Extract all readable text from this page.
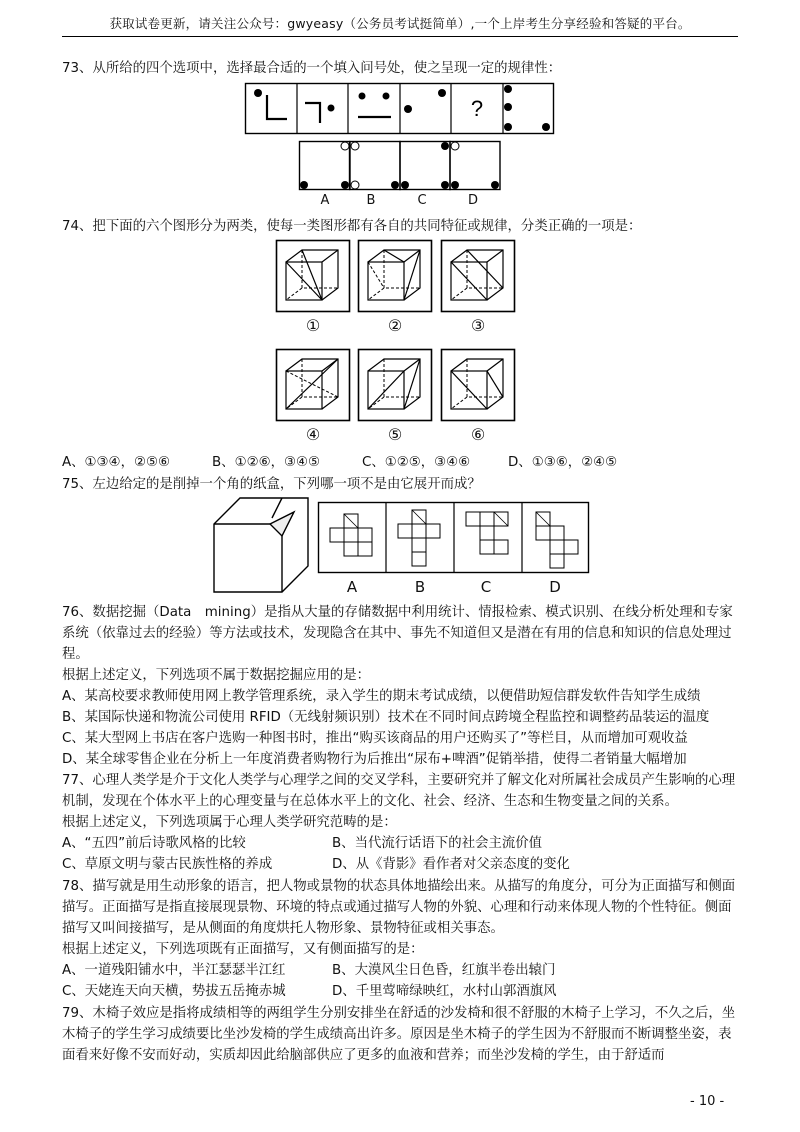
获取试卷更新，请关注公众号：gwyeasy（公务员考试挺简单）,一个上岸考生分享经验和答疑的平台。
73、从所给的四个选项中，选择最合适的一个填入问号处，使之呈现一定的规律性：
?
A	B	C	D
74、把下面的六个图形分为两类，使每一类图形都有各自的共同特征或规律，分类正确的一项是：
①	②	③
④	⑤	⑥
A、①③④，②⑤⑥	B、①②⑥，③④⑤	C、①②⑤，③④⑥	D、①③⑥，②④⑤
75、左边给定的是削掉一个角的纸盒，下列哪一项不是由它展开而成？
A	B	C	D
76、数据挖掘（Data　mining）是指从大量的存储数据中利用统计、情报检索、模式识别、在线分析处理和专家系统（依靠过去的经验）等方法或技术，发现隐含在其中、事先不知道但又是潜在有用的信息和知识的信息处理过程。
根据上述定义，下列选项不属于数据挖掘应用的是：
A、某高校要求教师使用网上教学管理系统，录入学生的期末考试成绩，以便借助短信群发软件告知学生成绩
B、某国际快递和物流公司使用 RFID（无线射频识别）技术在不同时间点跨境全程监控和调整药品装运的温度
C、某大型网上书店在客户选购一种图书时，推出“购买该商品的用户还购买了”等栏目，从而增加可观收益
D、某全球零售企业在分析上一年度消费者购物行为后推出“尿布+啤酒”促销举措，使得二者销量大幅增加
77、心理人类学是介于文化人类学与心理学之间的交叉学科，主要研究并了解文化对所属社会成员产生影响的心理机制，发现在个体水平上的心理变量与在总体水平上的文化、社会、经济、生态和生物变量之间的关系。
根据上述定义，下列选项属于心理人类学研究范畴的是：
A、“五四”前后诗歌风格的比较	B、当代流行话语下的社会主流价值
C、草原文明与蒙古民族性格的养成	D、从《背影》看作者对父亲态度的变化
78、描写就是用生动形象的语言，把人物或景物的状态具体地描绘出来。从描写的角度分，可分为正面描写和侧面描写。正面描写是指直接展现景物、环境的特点或通过描写人物的外貌、心理和行动来体现人物的个性特征。侧面描写又叫间接描写，是从侧面的角度烘托人物形象、景物特征或相关事态。
根据上述定义，下列选项既有正面描写，又有侧面描写的是：
A、一道残阳铺水中，半江瑟瑟半江红	B、大漠风尘日色昏，红旗半卷出辕门
C、天姥连天向天横，势拔五岳掩赤城	D、千里莺啼绿映红，水村山郭酒旗风
79、木椅子效应是指将成绩相等的两组学生分别安排坐在舒适的沙发椅和很不舒服的木椅子上学习，不久之后，坐木椅子的学生学习成绩要比坐沙发椅的学生成绩高出许多。原因是坐木椅子的学生因为不舒服而不断调整坐姿，表面看来好像不安而好动，实质却因此给脑部供应了更多的血液和营养；而坐沙发椅的学生，由于舒适而
- 10 -
